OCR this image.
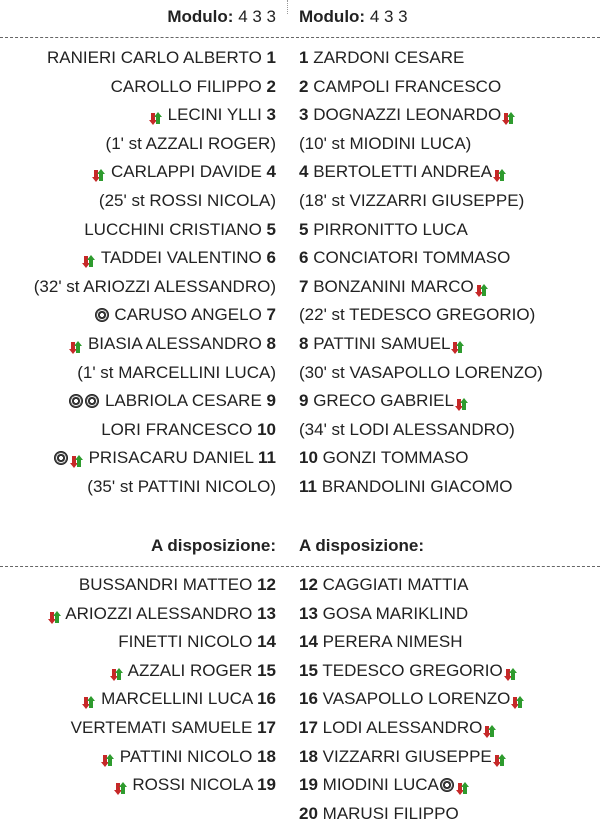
Modulo: 4 3 3 Modulo: 4 3 3
RANIERI CARLO ALBERTO 1
CAROLLO FILIPPO 2
LECINI YLLI 3
(1' st AZZALI ROGER)
CARLAPPI DAVIDE 4
(25' st ROSSI NICOLA)
LUCCHINI CRISTIANO 5
TADDEI VALENTINO 6
(32' st ARIOZZI ALESSANDRO)
CARUSO ANGELO 7
BIASIA ALESSANDRO 8
(1' st MARCELLINI LUCA)
LABRIOLA CESARE 9
LORI FRANCESCO 10
PRISACARU DANIEL 11
(35' st PATTINI NICOLO)
1 ZARDONI CESARE
2 CAMPOLI FRANCESCO
3 DOGNAZZI LEONARDO
(10' st MIODINI LUCA)
4 BERTOLETTI ANDREA
(18' st VIZZARRI GIUSEPPE)
5 PIRRONITTO LUCA
6 CONCIATORI TOMMASO
7 BONZANINI MARCO
(22' st TEDESCO GREGORIO)
8 PATTINI SAMUEL
(30' st VASAPOLLO LORENZO)
9 GRECO GABRIEL
(34' st LODI ALESSANDRO)
10 GONZI TOMMASO
11 BRANDOLINI GIACOMO
A disposizione: A disposizione:
BUSSANDRI MATTEO 12
ARIOZZI ALESSANDRO 13
FINETTI NICOLO 14
AZZALI ROGER 15
MARCELLINI LUCA 16
VERTEMATI SAMUELE 17
PATTINI NICOLO 18
ROSSI NICOLA 19
12 CAGGIATI MATTIA
13 GOSA MARIKLIND
14 PERERA NIMESH
15 TEDESCO GREGORIO
16 VASAPOLLO LORENZO
17 LODI ALESSANDRO
18 VIZZARRI GIUSEPPE
19 MIODINI LUCA
20 MARUSI FILIPPO
